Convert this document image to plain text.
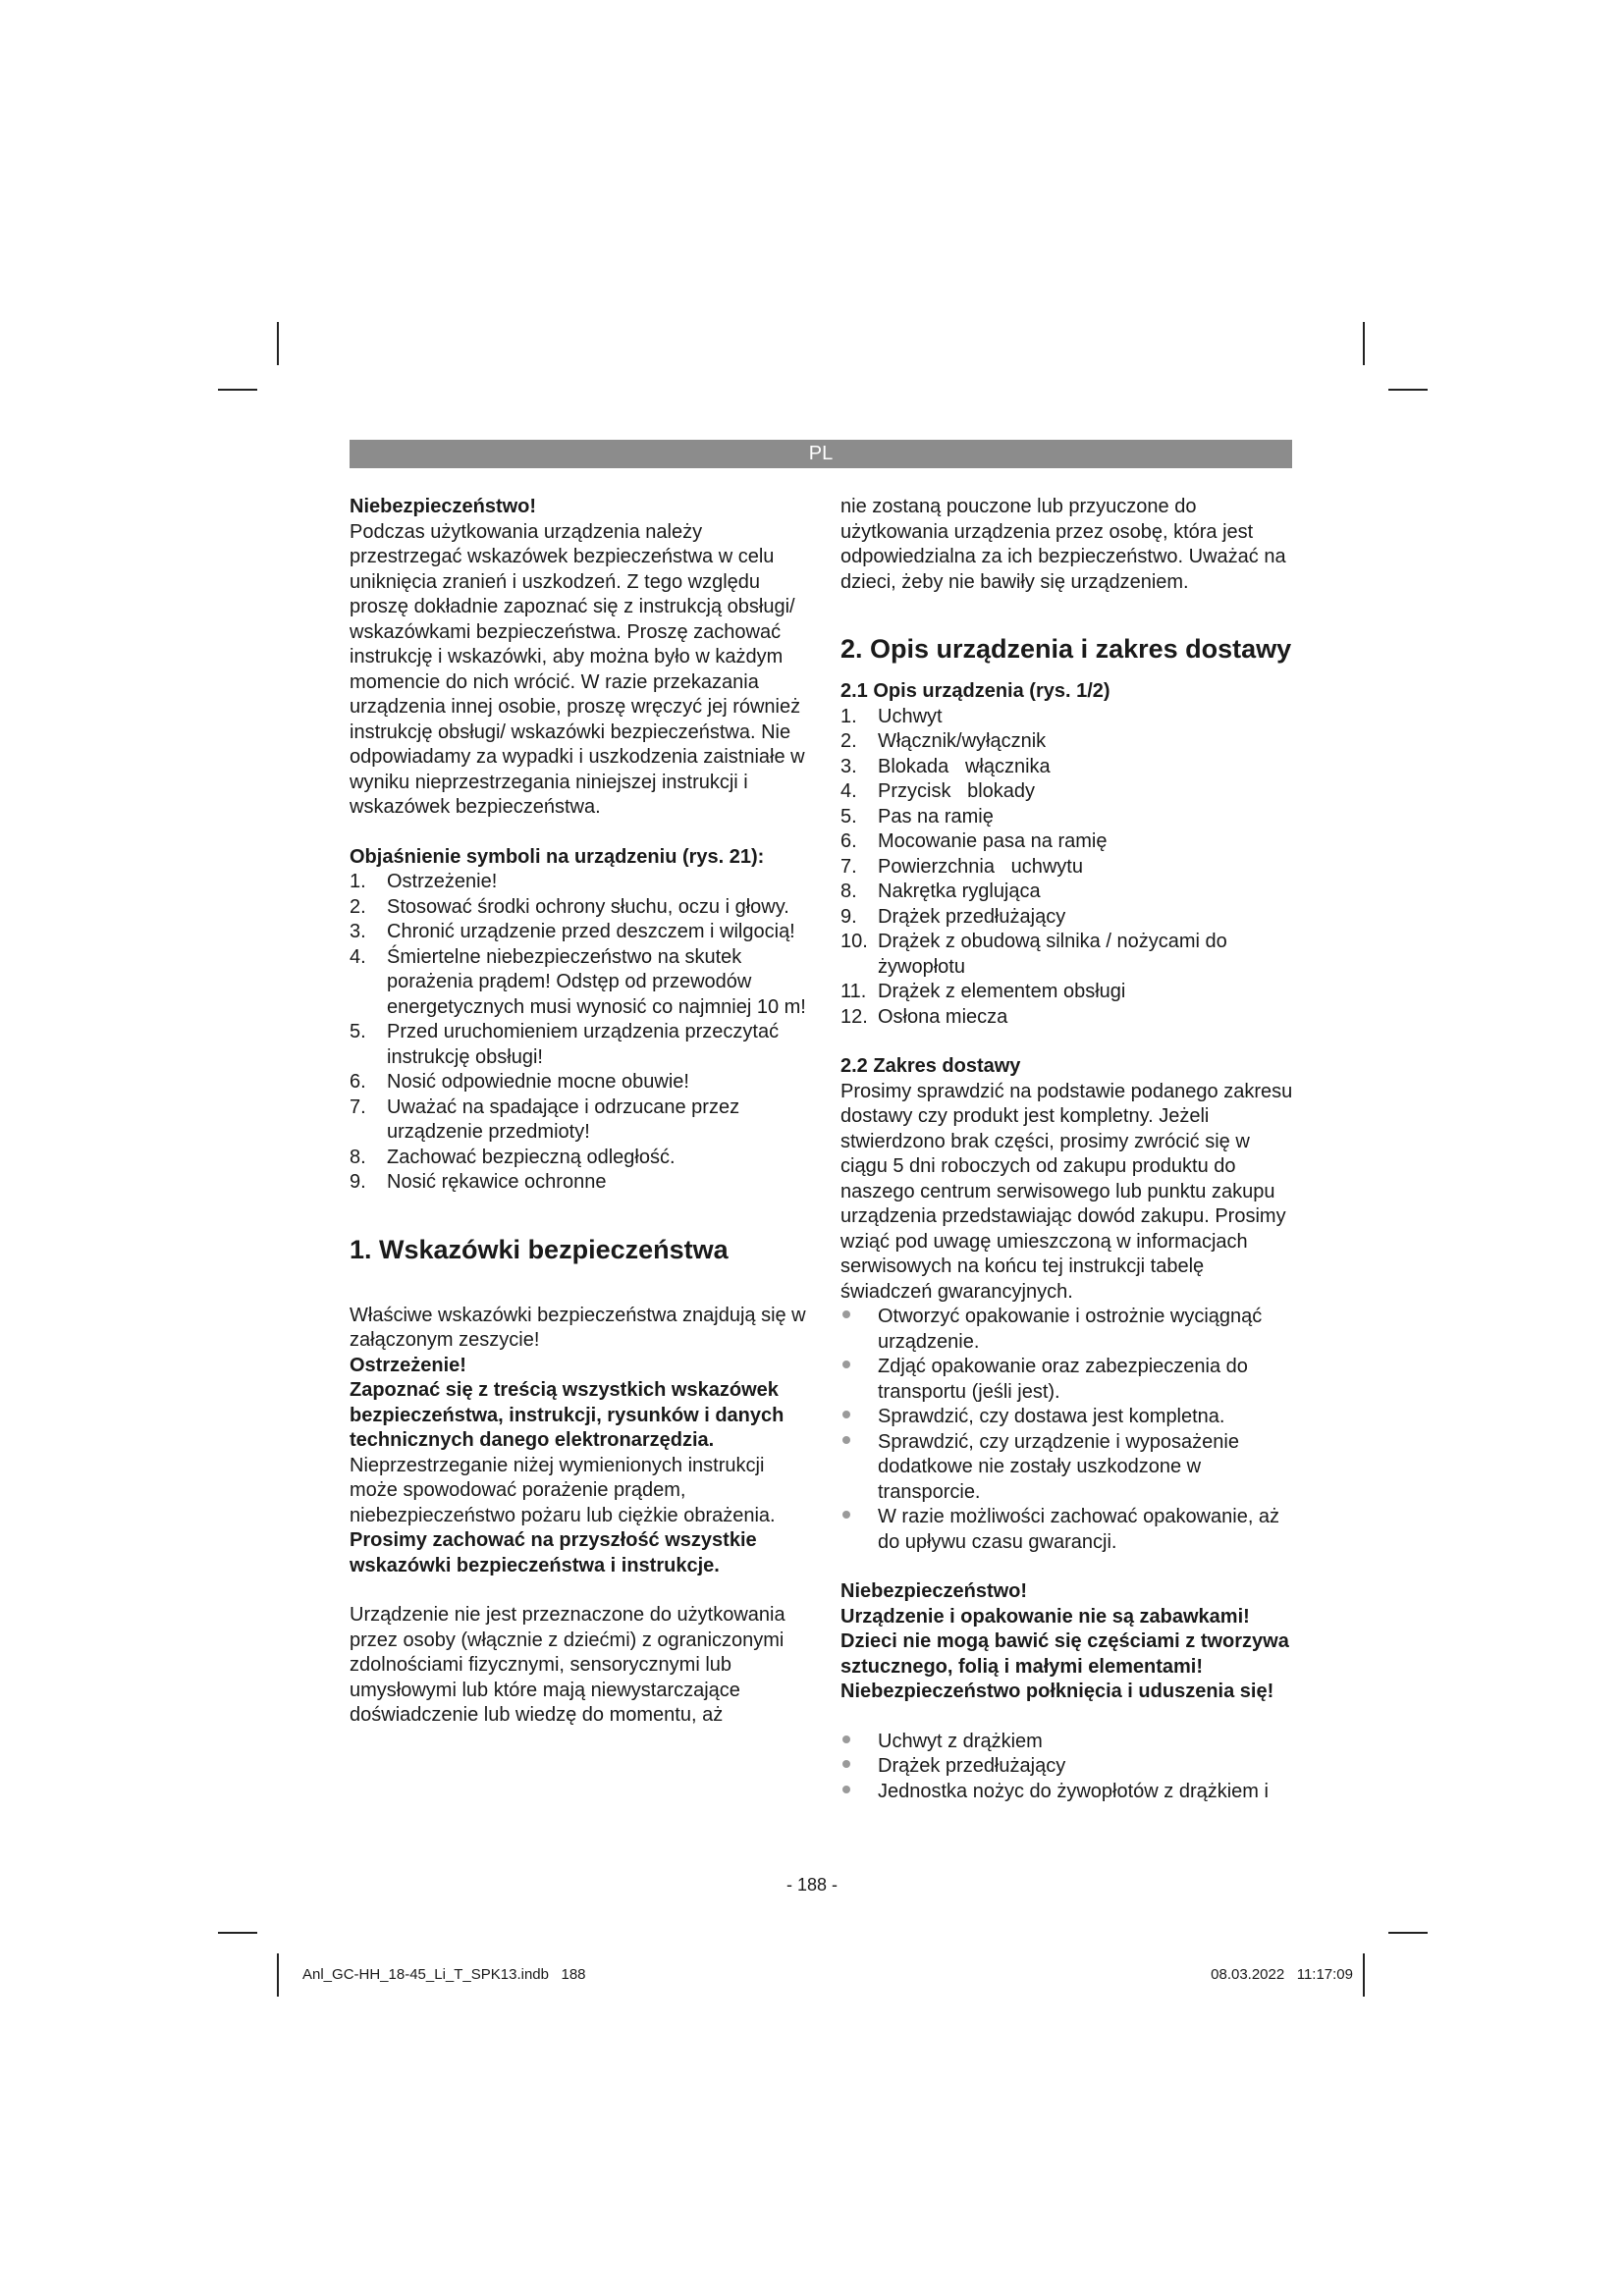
PL

Niebezpieczeństwo!

Podczas użytkowania urządzenia należy przestrzegać wskazówek bezpieczeństwa w celu uniknięcia zranień i uszkodzeń. Z tego względu proszę dokładnie zapoznać się z instrukcją obsługi/ wskazówkami bezpieczeństwa. Proszę zachować instrukcję i wskazówki, aby można było w każdym momencie do nich wrócić. W razie przekazania urządzenia innej osobie, proszę wręczyć jej również instrukcję obsługi/ wskazówki bezpieczeństwa. Nie odpowiadamy za wypadki i uszkodzenia zaistniałe w wyniku nieprzestrzegania niniejszej instrukcji i wskazówek bezpieczeństwa.

Objaśnienie symboli na urządzeniu (rys. 21):

1. Ostrzeżenie!
2. Stosować środki ochrony słuchu, oczu i głowy.
3. Chronić urządzenie przed deszczem i wilgocią!
4. Śmiertelne niebezpieczeństwo na skutek porażenia prądem! Odstęp od przewodów energetycznych musi wynosić co najmniej 10 m!
5. Przed uruchomieniem urządzenia przeczytać instrukcję obsługi!
6. Nosić odpowiednie mocne obuwie!
7. Uważać na spadające i odrzucane przez urządzenie przedmioty!
8. Zachować bezpieczną odległość.
9. Nosić rękawice ochronne

1. Wskazówki bezpieczeństwa

Właściwe wskazówki bezpieczeństwa znajdują się w załączonym zeszycie!

Ostrzeżenie!

Zapoznać się z treścią wszystkich wskazówek bezpieczeństwa, instrukcji, rysunków i danych technicznych danego elektronarzędzia. Nieprzestrzeganie niżej wymienionych instrukcji może spowodować porażenie prądem, niebezpieczeństwo pożaru lub ciężkie obrażenia.

Prosimy zachować na przyszłość wszystkie wskazówki bezpieczeństwa i instrukcje.

Urządzenie nie jest przeznaczone do użytkowania przez osoby (włącznie z dziećmi) z ograniczonymi zdolnościami fizycznymi, sensorycznymi lub umysłowymi lub które mają niewystarczające doświadczenie lub wiedzę do momentu, aż

nie zostaną pouczone lub przyuczone do użytkowania urządzenia przez osobę, która jest odpowiedzialna za ich bezpieczeństwo. Uważać na dzieci, żeby nie bawiły się urządzeniem.

2. Opis urządzenia i zakres dostawy

2.1 Opis urządzenia (rys. 1/2)

1. Uchwyt
2. Włącznik/wyłącznik
3. Blokada   włącznika
4. Przycisk   blokady
5. Pas na ramię
6. Mocowanie pasa na ramię
7. Powierzchnia   uchwytu
8. Nakrętka ryglująca
9. Drążek przedłużający
10. Drążek z obudową silnika / nożycami do żywopłotu
11. Drążek z elementem obsługi
12. Osłona miecza

2.2 Zakres dostawy

Prosimy sprawdzić na podstawie podanego zakresu dostawy czy produkt jest kompletny. Jeżeli stwierdzono brak części, prosimy zwrócić się w ciągu 5 dni roboczych od zakupu produktu do naszego centrum serwisowego lub punktu zakupu urządzenia przedstawiając dowód zakupu. Prosimy wziąć pod uwagę umieszczoną w informacjach serwisowych na końcu tej instrukcji tabelę świadczeń gwarancyjnych.

Otworzyć opakowanie i ostrożnie wyciągnąć urządzenie.
Zdjąć opakowanie oraz zabezpieczenia do transportu (jeśli jest).
Sprawdzić, czy dostawa jest kompletna.
Sprawdzić, czy urządzenie i wyposażenie dodatkowe nie zostały uszkodzone w transporcie.
W razie możliwości zachować opakowanie, aż do upływu czasu gwarancji.

Niebezpieczeństwo!

Urządzenie i opakowanie nie są zabawkami! Dzieci nie mogą bawić się częściami z tworzywa sztucznego, folią i małymi elementami! Niebezpieczeństwo połknięcia i uduszenia się!

Uchwyt z drążkiem
Drążek przedłużający
Jednostka nożyc do żywopłotów z drążkiem i
- 188 -
Anl_GC-HH_18-45_Li_T_SPK13.indb   188	08.03.2022   11:17:09
